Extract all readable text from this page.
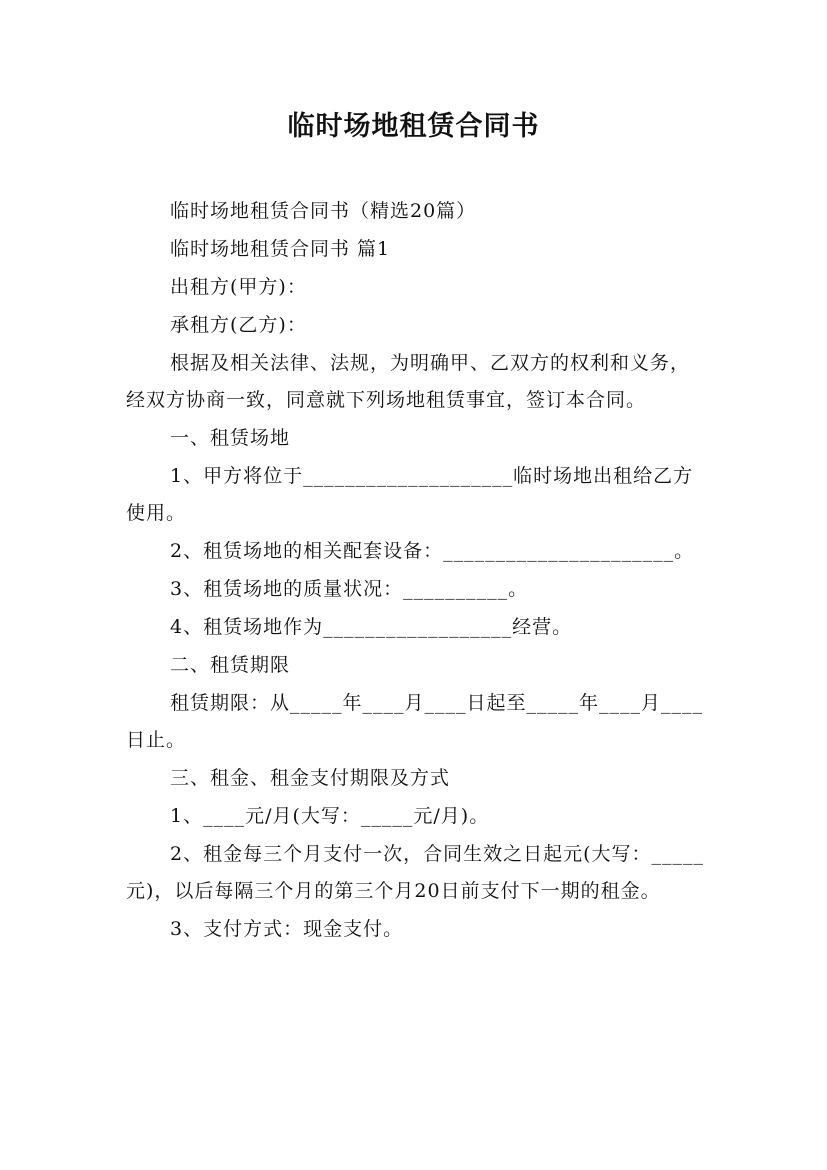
临时场地租赁合同书

临时场地租赁合同书（精选20篇）

临时场地租赁合同书 篇1

出租方(甲方)：

承租方(乙方)：

根据及相关法律、法规，为明确甲、乙双方的权利和义务，经双方协商一致，同意就下列场地租赁事宜，签订本合同。

一、租赁场地

1、甲方将位于____________________临时场地出租给乙方使用。

2、租赁场地的相关配套设备：______________________。

3、租赁场地的质量状况：__________。

4、租赁场地作为__________________经营。

二、租赁期限

租赁期限：从_____年____月____日起至_____年____月____日止。

三、租金、租金支付期限及方式

1、____元/月(大写：_____元/月)。

2、租金每三个月支付一次，合同生效之日起元(大写：_____元)，以后每隔三个月的第三个月20日前支付下一期的租金。

3、支付方式：现金支付。
